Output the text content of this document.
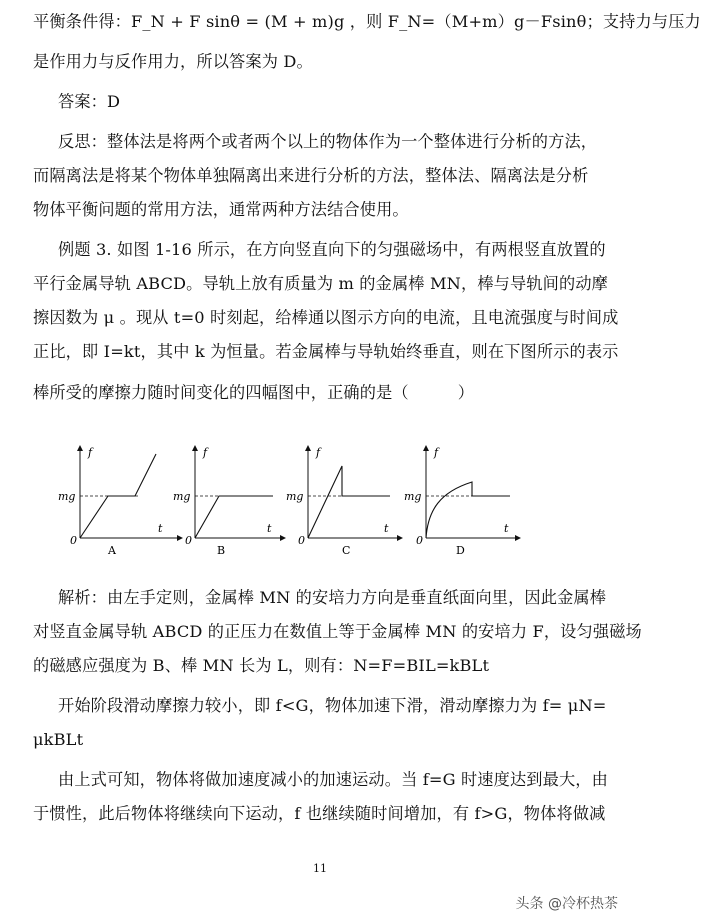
平衡条件得：F_N + F sinθ = (M + m)g ，则 F_N=（M+m）g－Fsinθ；支持力与压力
是作用力与反作用力，所以答案为 D。
答案：D
反思：整体法是将两个或者两个以上的物体作为一个整体进行分析的方法，
而隔离法是将某个物体单独隔离出来进行分析的方法，整体法、隔离法是分析
物体平衡问题的常用方法，通常两种方法结合使用。
例题 3. 如图 1-16 所示，在方向竖直向下的匀强磁场中，有两根竖直放置的
平行金属导轨 ABCD。导轨上放有质量为 m 的金属棒 MN，棒与导轨间的动摩
擦因数为 μ 。现从 t=0 时刻起，给棒通以图示方向的电流，且电流强度与时间成
正比，即 I=kt，其中 k 为恒量。若金属棒与导轨始终垂直，则在下图所示的表示
棒所受的摩擦力随时间变化的四幅图中，正确的是（　　　）
f
mg
0
t
A
f
mg
0
t
B
f
mg
0
t
C
f
mg
0
t
D
解析：由左手定则，金属棒 MN 的安培力方向是垂直纸面向里，因此金属棒
对竖直金属导轨 ABCD 的正压力在数值上等于金属棒 MN 的安培力 F，设匀强磁场
的磁感应强度为 B、棒 MN 长为 L，则有：N=F=BIL=kBLt
开始阶段滑动摩擦力较小，即 f<G，物体加速下滑，滑动摩擦力为 f= μN=
μkBLt
由上式可知，物体将做加速度减小的加速运动。当 f=G 时速度达到最大，由
于惯性，此后物体将继续向下运动，f 也继续随时间增加，有 f>G，物体将做减
11
头条 @冷杯热茶
